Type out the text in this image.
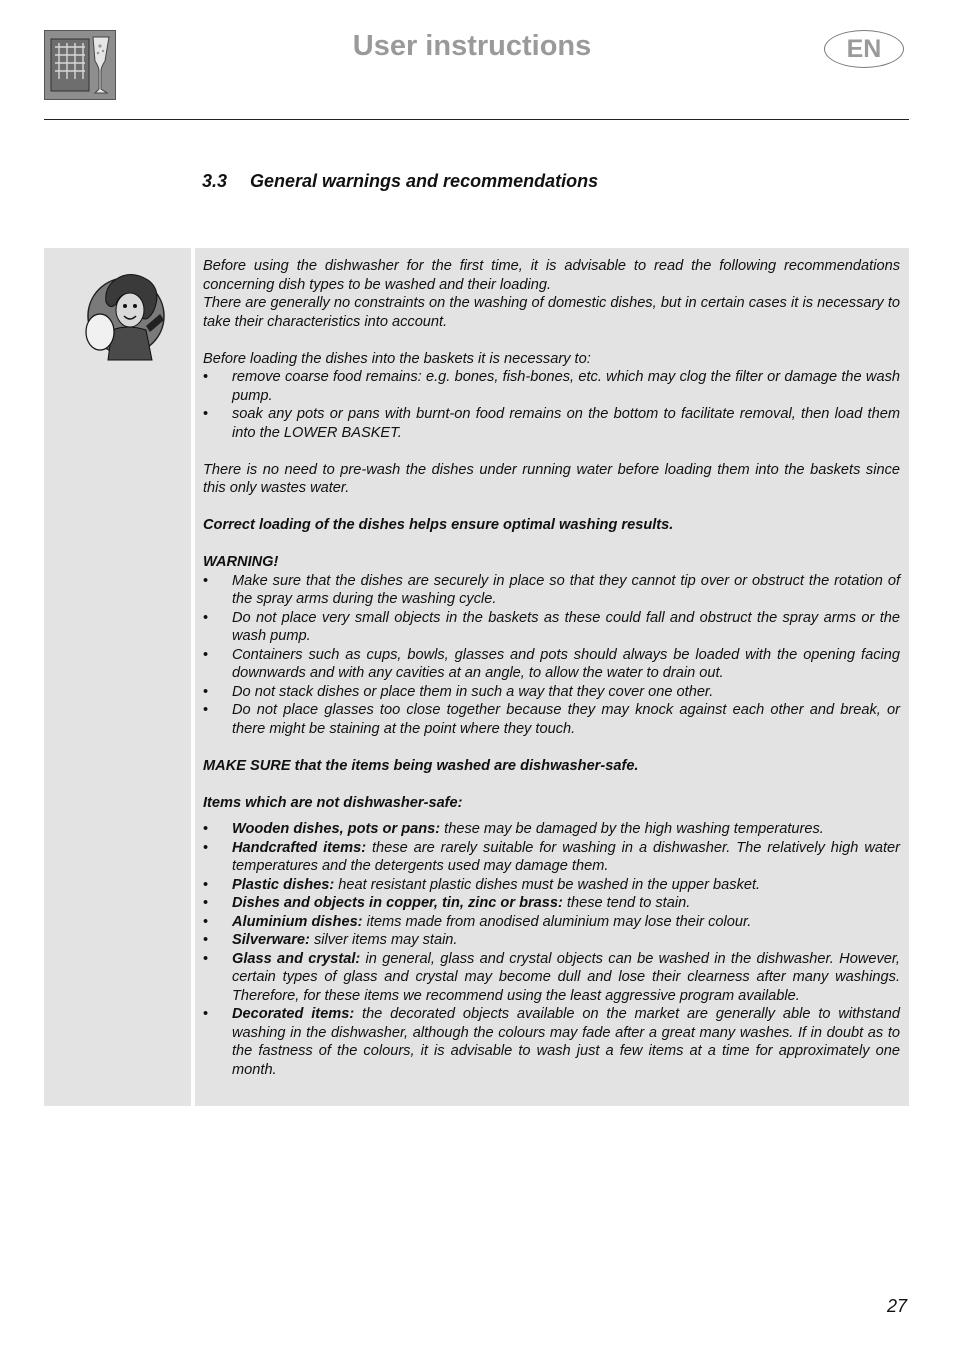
User instructions	EN
3.3 General warnings and recommendations

Before using the dishwasher for the first time, it is advisable to read the following recommendations concerning dish types to be washed and their loading.

There are generally no constraints on the washing of domestic dishes, but in certain cases it is necessary to take their characteristics into account.

Before loading the dishes into the baskets it is necessary to:

• remove coarse food remains: e.g. bones, fish-bones, etc. which may clog the filter or damage the wash pump.
• soak any pots or pans with burnt-on food remains on the bottom to facilitate removal, then load them into the LOWER BASKET.

There is no need to pre-wash the dishes under running water before loading them into the baskets since this only wastes water.

Correct loading of the dishes helps ensure optimal washing results.

WARNING!

• Make sure that the dishes are securely in place so that they cannot tip over or obstruct the rotation of the spray arms during the washing cycle.
• Do not place very small objects in the baskets as these could fall and obstruct the spray arms or the wash pump.
• Containers such as cups, bowls, glasses and pots should always be loaded with the opening facing downwards and with any cavities at an angle, to allow the water to drain out.
• Do not stack dishes or place them in such a way that they cover one other.
• Do not place glasses too close together because they may knock against each other and break, or there might be staining at the point where they touch.

MAKE SURE that the items being washed are dishwasher-safe.

Items which are not dishwasher-safe:

• Wooden dishes, pots or pans: these may be damaged by the high washing temperatures.
• Handcrafted items: these are rarely suitable for washing in a dishwasher. The relatively high water temperatures and the detergents used may damage them.
• Plastic dishes: heat resistant plastic dishes must be washed in the upper basket.
• Dishes and objects in copper, tin, zinc or brass: these tend to stain.
• Aluminium dishes: items made from anodised aluminium may lose their colour.
• Silverware: silver items may stain.
• Glass and crystal: in general, glass and crystal objects can be washed in the dishwasher. However, certain types of glass and crystal may become dull and lose their clearness after many washings. Therefore, for these items we recommend using the least aggressive program available.
• Decorated items: the decorated objects available on the market are generally able to withstand washing in the dishwasher, although the colours may fade after a great many washes. If in doubt as to the fastness of the colours, it is advisable to wash just a few items at a time for approximately one month.
27
